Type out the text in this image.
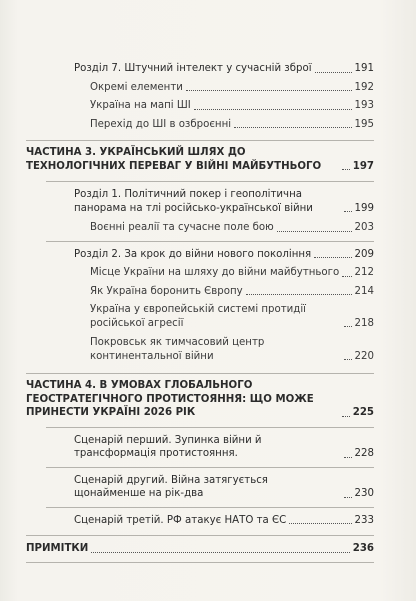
Розділ 7. Штучний інтелект у сучасній зброї	191
Окремі елементи	192
Україна на мапі ШІ	193
Перехід до ШІ в озброєнні	195
ЧАСТИНА 3. УКРАЇНСЬКИЙ ШЛЯХ ДО ТЕХНОЛОГІЧНИХ ПЕРЕВАГ У ВІЙНІ МАЙБУТНЬОГО	197
Розділ 1. Політичний покер і геополітична панорама на тлі російсько-української війни	199
Воєнні реалії та сучасне поле бою	203
Розділ 2. За крок до війни нового покоління	209
Місце України на шляху до війни майбутнього 212
Як Україна боронить Європу	214
Україна у європейській системі протидії російської агресії	218
Покровськ як тимчасовий центр континентальної війни	220
ЧАСТИНА 4. В УМОВАХ ГЛОБАЛЬНОГО ГЕОСТРАТЕГІЧНОГО ПРОТИСТОЯННЯ: ЩО МОЖЕ ПРИНЕСТИ УКРАЇНІ 2026 РІК	225
Сценарій перший. Зупинка війни й трансформація протистояння.	228
Сценарій другий. Війна затягується щонайменше на рік-два	230
Сценарій третій. РФ атакує НАТО та ЄС	233
ПРИМІТКИ	236
